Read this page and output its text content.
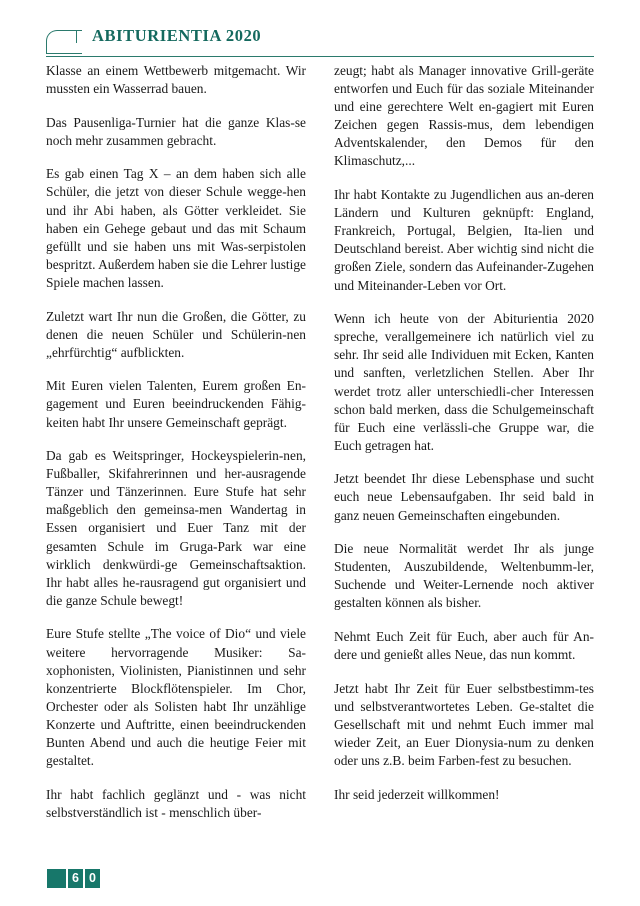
ABITURIENTIA 2020

Klasse an einem Wettbewerb mitgemacht. Wir mussten ein Wasserrad bauen.

Das Pausenliga-Turnier hat die ganze Klas-se noch mehr zusammen gebracht.

Es gab einen Tag X – an dem haben sich alle Schüler, die jetzt von dieser Schule wegge-hen und ihr Abi haben, als Götter verkleidet. Sie haben ein Gehege gebaut und das mit Schaum gefüllt und sie haben uns mit Was-serpistolen bespritzt. Außerdem haben sie die Lehrer lustige Spiele machen lassen.

Zuletzt wart Ihr nun die Großen, die Götter, zu denen die neuen Schüler und Schülerin-nen „ehrfürchtig“ aufblickten.

Mit Euren vielen Talenten, Eurem großen En-gagement und Euren beeindruckenden Fähig-keiten habt Ihr unsere Gemeinschaft geprägt.

Da gab es Weitspringer, Hockeyspielerin-nen, Fußballer, Skifahrerinnen und her-ausragende Tänzer und Tänzerinnen. Eure Stufe hat sehr maßgeblich den gemeinsa-men Wandertag in Essen organisiert und Euer Tanz mit der gesamten Schule im Gruga-Park war eine wirklich denkwürdi-ge Gemeinschaftsaktion. Ihr habt alles he-rausragend gut organisiert und die ganze Schule bewegt!

Eure Stufe stellte „The voice of Dio“ und viele weitere hervorragende Musiker: Sa-xophonisten, Violinisten, Pianistinnen und sehr konzentrierte Blockflötenspieler. Im Chor, Orchester oder als Solisten habt Ihr unzählige Konzerte und Auftritte, einen beeindruckenden Bunten Abend und auch die heutige Feier mit gestaltet.

Ihr habt fachlich geglänzt und - was nicht selbstverständlich ist - menschlich über-

zeugt; habt als Manager innovative Grill-geräte entworfen und Euch für das soziale Miteinander und eine gerechtere Welt en-gagiert mit Euren Zeichen gegen Rassis-mus, dem lebendigen Adventskalender, den Demos für den Klimaschutz,...

Ihr habt Kontakte zu Jugendlichen aus an-deren Ländern und Kulturen geknüpft: England, Frankreich, Portugal, Belgien, Ita-lien und Deutschland bereist. Aber wichtig sind nicht die großen Ziele, sondern das Aufeinander-Zugehen und Miteinander-Leben vor Ort.

Wenn ich heute von der Abiturientia 2020 spreche, verallgemeinere ich natürlich viel zu sehr. Ihr seid alle Individuen mit Ecken, Kanten und sanften, verletzlichen Stellen. Aber Ihr werdet trotz aller unterschiedli-cher Interessen schon bald merken, dass die Schulgemeinschaft für Euch eine verlässli-che Gruppe war, die Euch getragen hat.

Jetzt beendet Ihr diese Lebensphase und sucht euch neue Lebensaufgaben. Ihr seid bald in ganz neuen Gemeinschaften eingebunden.

Die neue Normalität werdet Ihr als junge Studenten, Auszubildende, Weltenbumm-ler, Suchende und Weiter-Lernende noch aktiver gestalten können als bisher.

Nehmt Euch Zeit für Euch, aber auch für An-dere und genießt alles Neue, das nun kommt.

Jetzt habt Ihr Zeit für Euer selbstbestimm-tes und selbstverantwortetes Leben. Ge-staltet die Gesellschaft mit und nehmt Euch immer mal wieder Zeit, an Euer Dionysia-num zu denken oder uns z.B. beim Farben-fest zu besuchen.

Ihr seid jederzeit willkommen!

6 0
